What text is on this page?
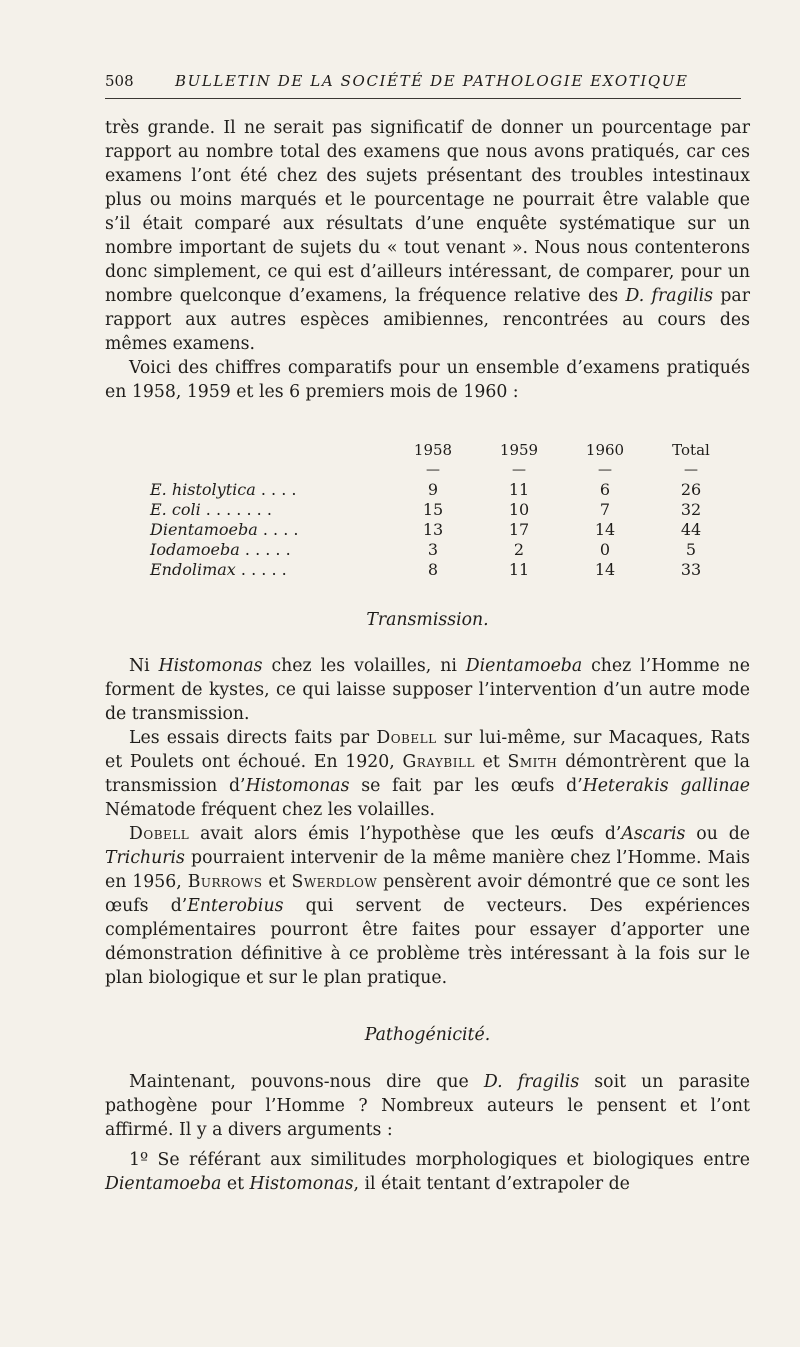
508	BULLETIN DE LA SOCIÉTÉ DE PATHOLOGIE EXOTIQUE

très grande. Il ne serait pas significatif de donner un pourcentage par rapport au nombre total des examens que nous avons pratiqués, car ces examens l’ont été chez des sujets présentant des troubles intestinaux plus ou moins marqués et le pourcentage ne pourrait être valable que s’il était comparé aux résultats d’une enquête systématique sur un nombre important de sujets du « tout venant ». Nous nous contenterons donc simplement, ce qui est d’ailleurs intéressant, de comparer, pour un nombre quelconque d’examens, la fréquence relative des D. fragilis par rapport aux autres espèces amibiennes, rencontrées au cours des mêmes examens.

Voici des chiffres comparatifs pour un ensemble d’examens pratiqués en 1958, 1959 et les 6 premiers mois de 1960 :

	1958	1959	1960	Total
	—	—	—	—
E. histolytica . . . .	9	11	6	26
E. coli . . . . . . .	15	10	7	32
Dientamoeba . . . .	13	17	14	44
Iodamoeba . . . . .	3	2	0	5
Endolimax . . . . .	8	11	14	33
Transmission.

Ni Histomonas chez les volailles, ni Dientamoeba chez l’Homme ne forment de kystes, ce qui laisse supposer l’intervention d’un autre mode de transmission.

Les essais directs faits par Dobell sur lui-même, sur Macaques, Rats et Poulets ont échoué. En 1920, Graybill et Smith démontrèrent que la transmission d’Histomonas se fait par les œufs d’Heterakis gallinae Nématode fréquent chez les volailles.

Dobell avait alors émis l’hypothèse que les œufs d’Ascaris ou de Trichuris pourraient intervenir de la même manière chez l’Homme. Mais en 1956, Burrows et Swerdlow pensèrent avoir démontré que ce sont les œufs d’Enterobius qui servent de vecteurs. Des expériences complémentaires pourront être faites pour essayer d’apporter une démonstration définitive à ce problème très intéressant à la fois sur le plan biologique et sur le plan pratique.

Pathogénicité.

Maintenant, pouvons-nous dire que D. fragilis soit un parasite pathogène pour l’Homme ? Nombreux auteurs le pensent et l’ont affirmé. Il y a divers arguments :

1º Se référant aux similitudes morphologiques et biologiques entre Dientamoeba et Histomonas, il était tentant d’extrapoler de
